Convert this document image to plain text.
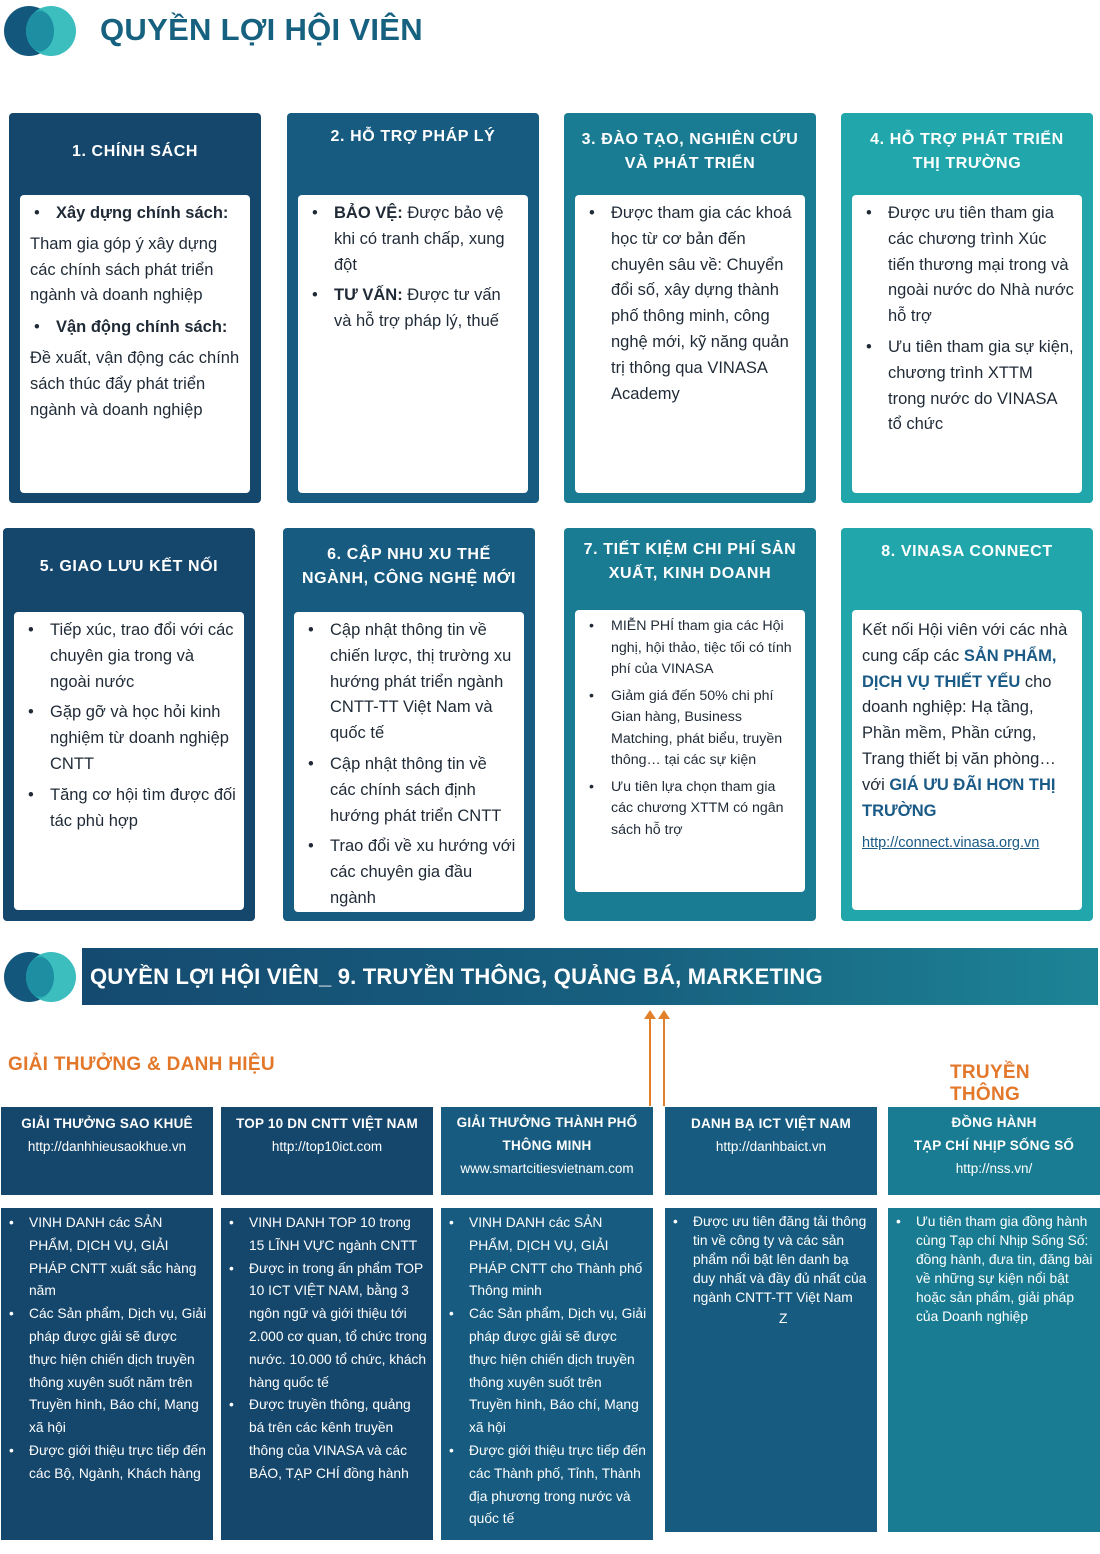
QUYỀN LỢI HỘI VIÊN
1. CHÍNH SÁCH
• Xây dựng chính sách:

Tham gia góp ý xây dựng các chính sách phát triển ngành và doanh nghiệp

• Vận động chính sách:

Đề xuất, vận động các chính sách thúc đẩy phát triển ngành và doanh nghiệp

2. HỖ TRỢ PHÁP LÝ
• BẢO VỆ: Được bảo vệ khi có tranh chấp, xung đột
• TƯ VẤN: Được tư vấn và hỗ trợ pháp lý, thuế
3. ĐÀO TẠO, NGHIÊN CỨU VÀ PHÁT TRIỂN
• Được tham gia các khoá học từ cơ bản đến chuyên sâu về: Chuyển đổi số, xây dựng thành phố thông minh, công nghệ mới, kỹ năng quản trị thông qua VINASA Academy
4. HỖ TRỢ PHÁT TRIỂN THỊ TRƯỜNG
• Được ưu tiên tham gia các chương trình Xúc tiến thương mại trong và ngoài nước do Nhà nước hỗ trợ
• Ưu tiên tham gia sự kiện, chương trình XTTM trong nước do VINASA tổ chức
5. GIAO LƯU KẾT NỐI
• Tiếp xúc, trao đổi với các chuyên gia trong và ngoài nước
• Gặp gỡ và học hỏi kinh nghiệm từ doanh nghiệp CNTT
• Tăng cơ hội tìm được đối tác phù hợp
6. CẬP NHU XU THẾ NGÀNH, CÔNG NGHỆ MỚI
• Cập nhật thông tin về chiến lược, thị trường xu hướng phát triển ngành CNTT-TT Việt Nam và quốc tế
• Cập nhật thông tin về các chính sách định hướng phát triển CNTT
• Trao đổi về xu hướng với các chuyên gia đầu ngành
7. TIẾT KIỆM CHI PHÍ SẢN XUẤT, KINH DOANH
• MIỄN PHÍ tham gia các Hội nghị, hội thảo, tiệc tối có tính phí của VINASA
• Giảm giá đến 50% chi phí Gian hàng, Business Matching, phát biểu, truyền thông… tại các sự kiện
• Ưu tiên lựa chọn tham gia các chương XTTM có ngân sách hỗ trợ
8. VINASA CONNECT

Kết nối Hội viên với các nhà cung cấp các SẢN PHẨM, DỊCH VỤ THIẾT YẾU cho doanh nghiệp: Hạ tầng, Phần mềm, Phần cứng, Trang thiết bị văn phòng…với GIÁ ƯU ĐÃI HƠN THỊ TRƯỜNG

http://connect.vinasa.org.vn
QUYỀN LỢI HỘI VIÊN_ 9. TRUYỀN THÔNG, QUẢNG BÁ, MARKETING
GIẢI THƯỞNG & DANH HIỆU	TRUYỀN THÔNG
GIẢI THƯỞNG SAO KHUÊ
http://danhhieusaokhue.vn
TOP 10 DN CNTT VIỆT NAM
http://top10ict.com
GIẢI THƯỞNG THÀNH PHỐ
THÔNG MINH
www.smartcitiesvietnam.com
DANH BẠ ICT VIỆT NAM
http://danhbaict.vn
ĐỒNG HÀNH
TẠP CHÍ NHỊP SỐNG SỐ
http://nss.vn/
• VINH DANH các SẢN PHẨM, DỊCH VỤ, GIẢI PHÁP CNTT xuất sắc hàng năm
• Các Sản phẩm, Dịch vụ, Giải pháp được giải sẽ được thực hiện chiến dịch truyền thông xuyên suốt năm trên Truyền hình, Báo chí, Mạng xã hội
• Được giới thiệu trực tiếp đến các Bộ, Ngành, Khách hàng
• VINH DANH TOP 10 trong 15 LĨNH VỰC ngành CNTT
• Được in trong ấn phẩm TOP 10 ICT VIỆT NAM, bằng 3 ngôn ngữ và giới thiệu tới 2.000 cơ quan, tổ chức trong nước. 10.000 tổ chức, khách hàng quốc tế
• Được truyền thông, quảng bá trên các kênh truyền thông của VINASA và các BÁO, TẠP CHÍ đồng hành
• VINH DANH các SẢN PHẨM, DỊCH VỤ, GIẢI PHÁP CNTT cho Thành phố Thông minh
• Các Sản phẩm, Dịch vụ, Giải pháp được giải sẽ được thực hiện chiến dịch truyền thông xuyên suốt trên Truyền hình, Báo chí, Mạng xã hội
• Được giới thiệu trực tiếp đến các Thành phố, Tỉnh, Thành địa phương trong nước và quốc tế
• Được ưu tiên đăng tải thông tin về công ty và các sản phẩm nổi bật lên danh bạ duy nhất và đầy đủ nhất của ngành CNTT-TT Việt Nam
Z
• Ưu tiên tham gia đồng hành cùng Tạp chí Nhịp Sống Số: đồng hành, đưa tin, đăng bài về những sự kiện nổi bật hoặc sản phẩm, giải pháp của Doanh nghiệp
